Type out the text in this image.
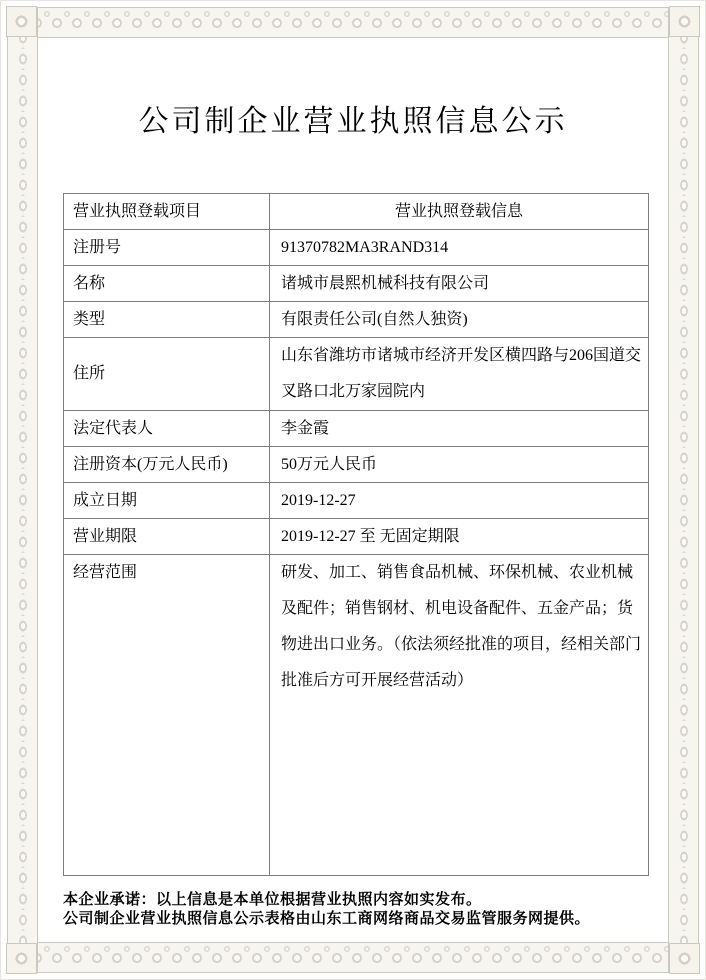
公司制企业营业执照信息公示
营业执照登载项目	营业执照登载信息
注册号	91370782MA3RAND314
名称	诸城市晨熙机械科技有限公司
类型	有限责任公司(自然人独资)
住所	山东省潍坊市诸城市经济开发区横四路与206国道交叉路口北万家园院内
法定代表人	李金霞
注册资本(万元人民币)	50万元人民币
成立日期	2019-12-27
营业期限	2019-12-27 至 无固定期限
经营范围	研发、加工、销售食品机械、环保机械、农业机械及配件；销售钢材、机电设备配件、五金产品；货物进出口业务。（依法须经批准的项目，经相关部门批准后方可开展经营活动）
本企业承诺：以上信息是本单位根据营业执照内容如实发布。
公司制企业营业执照信息公示表格由山东工商网络商品交易监管服务网提供。
